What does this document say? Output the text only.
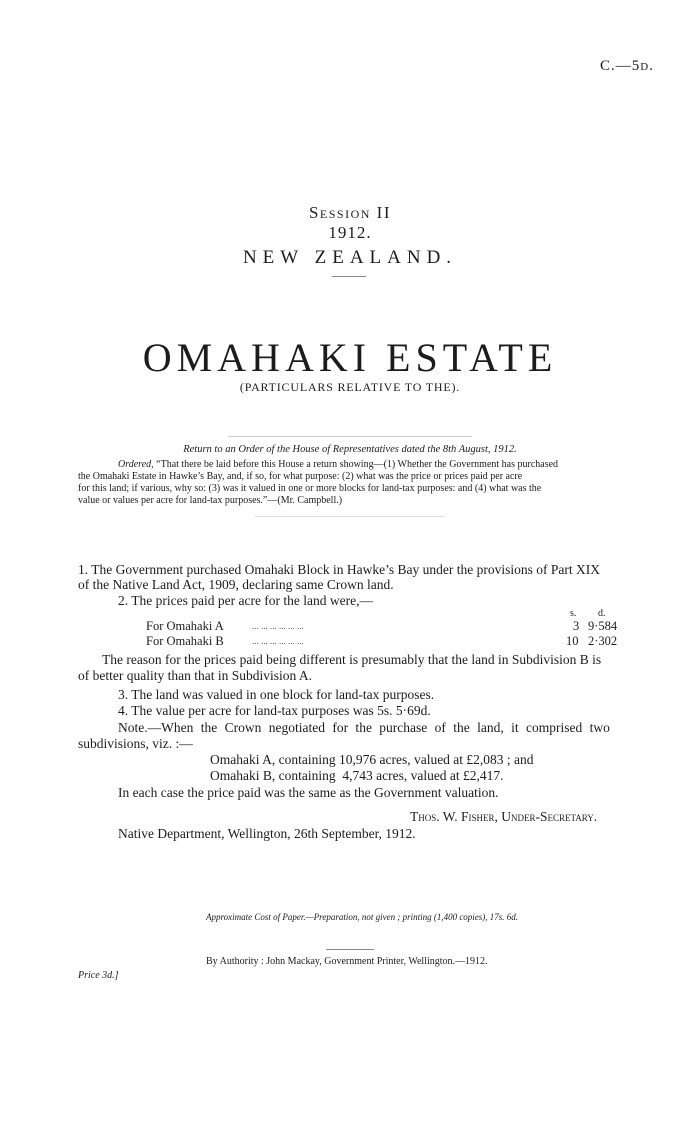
C.—5d.
Session II
1912.
NEW ZEALAND.
OMAHAKI ESTATE
(PARTICULARS RELATIVE TO THE).
Return to an Order of the House of Representatives dated the 8th August, 1912.
Ordered, “That there be laid before this House a return showing—(1) Whether the Government has purchased
the Omahaki Estate in Hawke’s Bay, and, if so, for what purpose: (2) what was the price or prices paid per acre
for this land; if various, why so: (3) was it valued in one or more blocks for land-tax purposes: and (4) what was the
value or values per acre for land-tax purposes.”—(Mr. Campbell.)
1. The Government purchased Omahaki Block in Hawke’s Bay under the provisions of Part XIX
of the Native Land Act, 1909, declaring same Crown land.
2. The prices paid per acre for the land were,—
s. d.
For Omahaki A	... ... ... ... ... ...	3 9·584
For Omahaki B	... ... ... ... ... ...	10 2·302
The reason for the prices paid being different is presumably that the land in Subdivision B is
of better quality than that in Subdivision A.
3. The land was valued in one block for land-tax purposes.
4. The value per acre for land-tax purposes was 5s. 5·69d.
Note.—When the Crown negotiated for the purchase of the land, it comprised two
subdivisions, viz. :—
Omahaki A, containing 10,976 acres, valued at £2,083 ; and
Omahaki B, containing  4,743 acres, valued at £2,417.
In each case the price paid was the same as the Government valuation.
Thos. W. Fisher, Under-Secretary.
Native Department, Wellington, 26th September, 1912.
Approximate Cost of Paper.—Preparation, not given ; printing (1,400 copies), 17s. 6d.
By Authority : John Mackay, Government Printer, Wellington.—1912.
Price 3d.]
